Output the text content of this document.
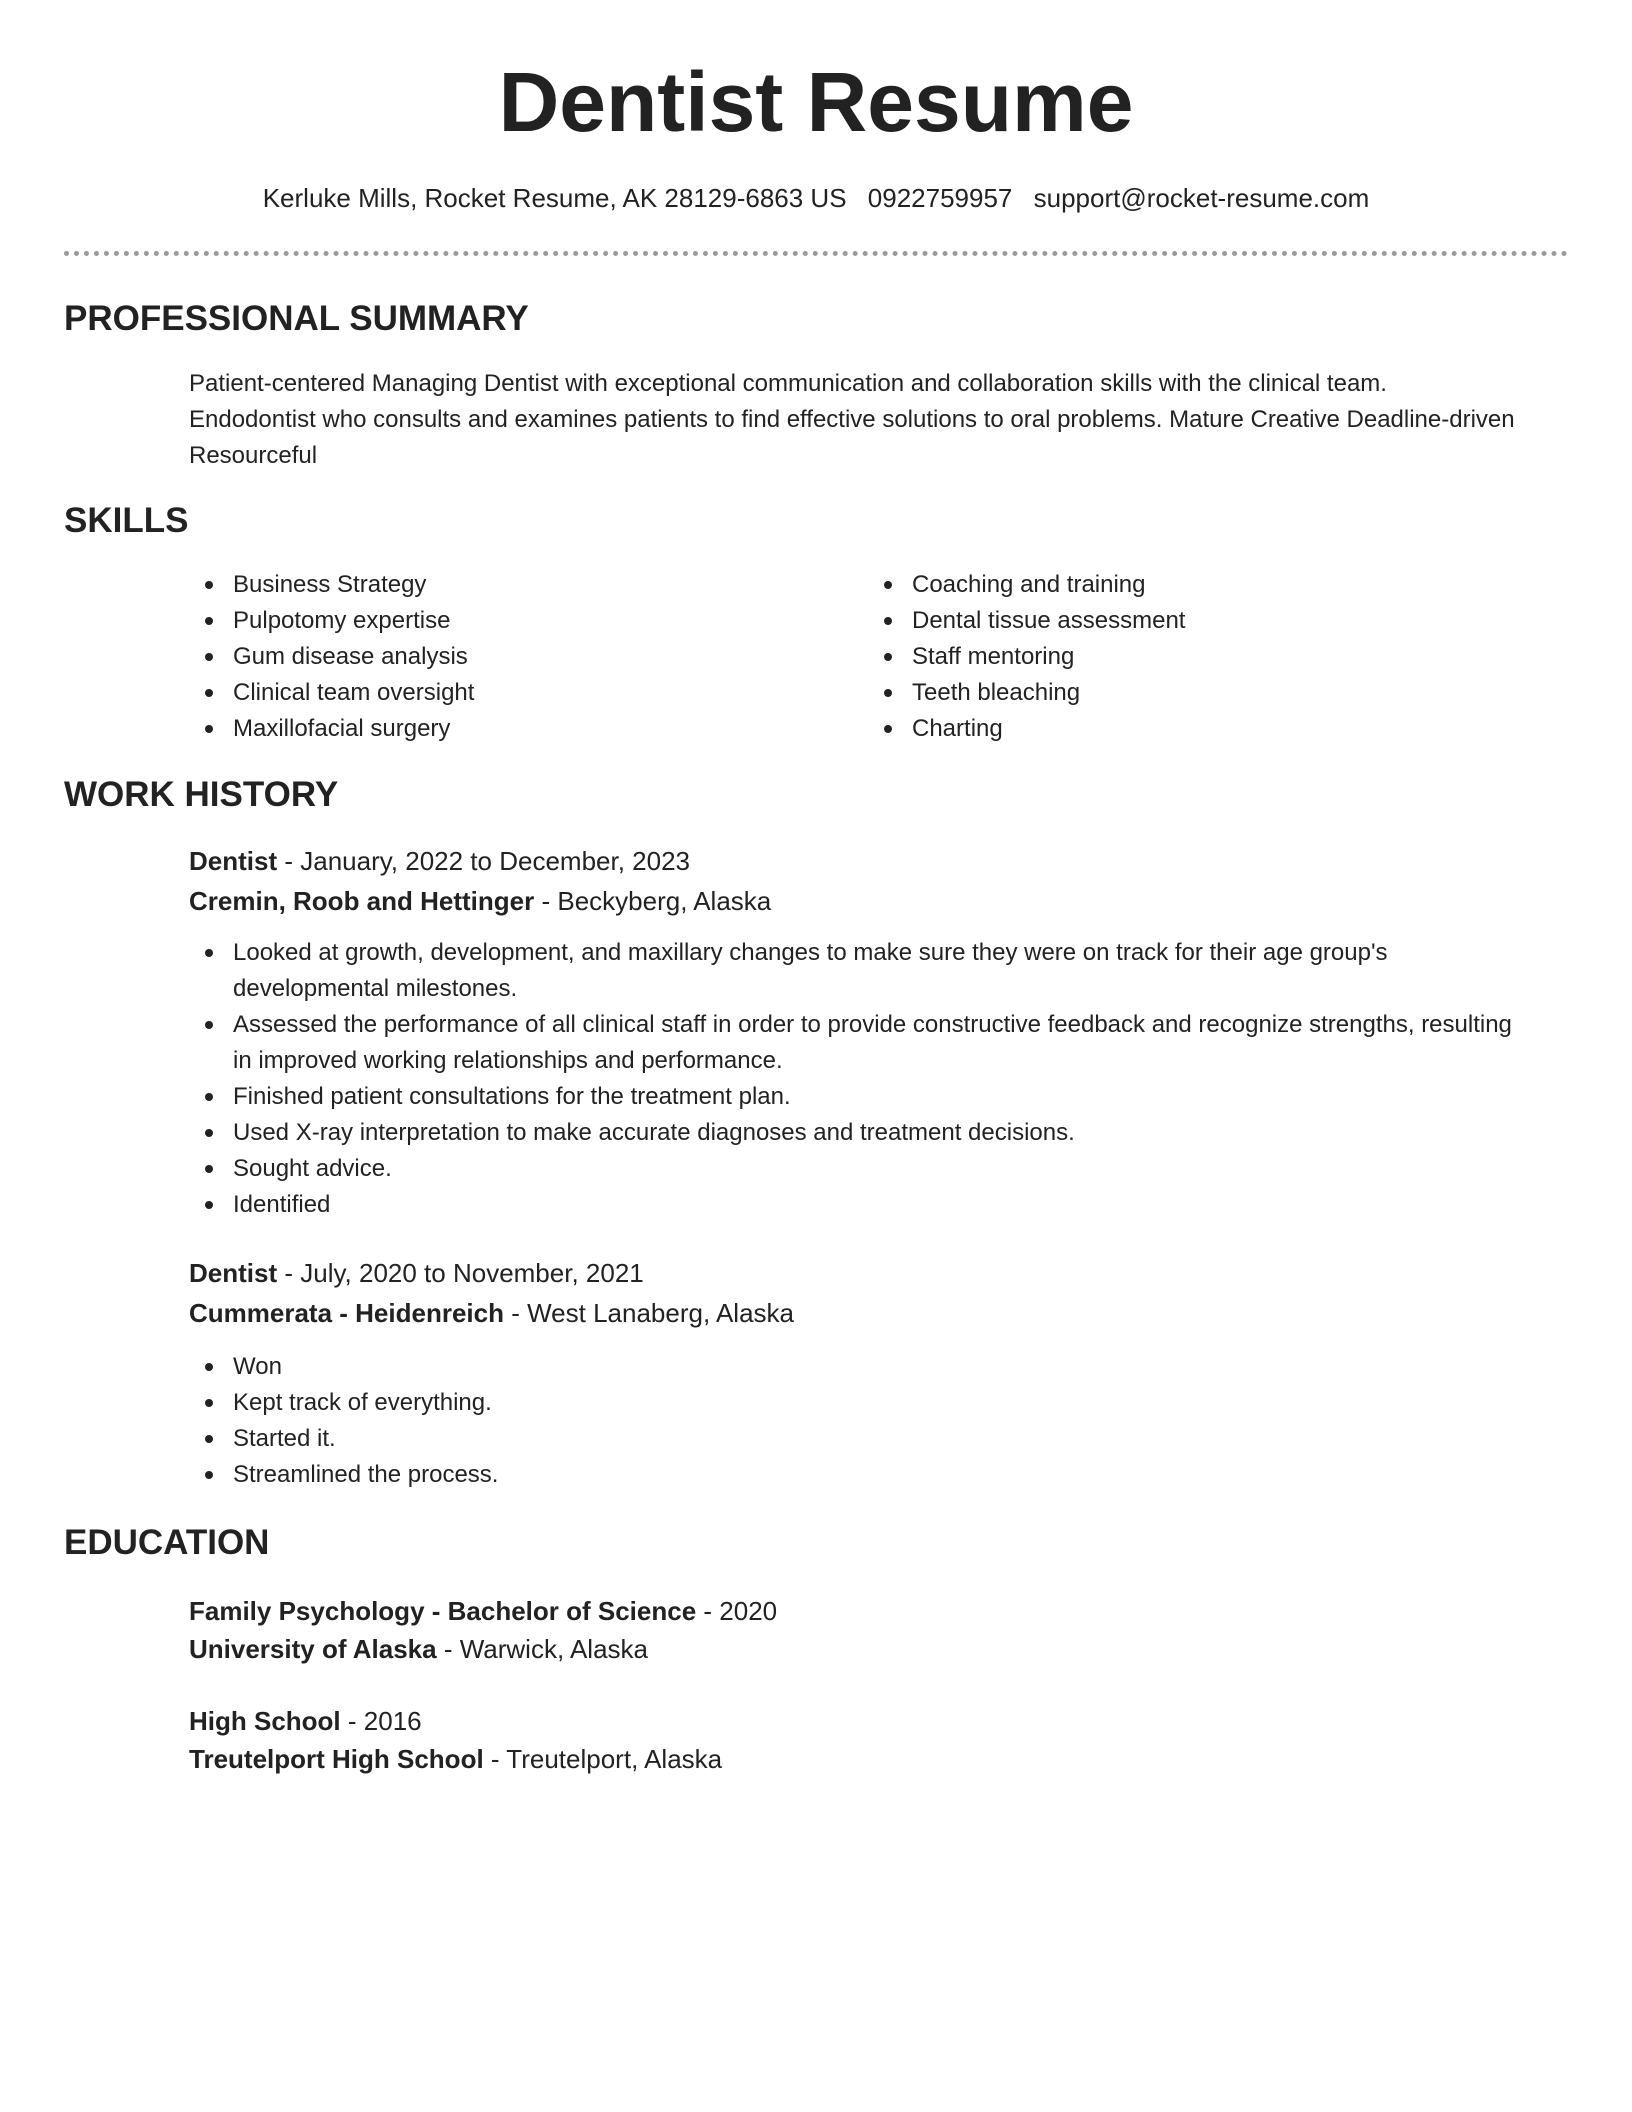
Dentist Resume
Kerluke Mills, Rocket Resume, AK 28129-6863 US 0922759957 support@rocket-resume.com
PROFESSIONAL SUMMARY

Patient-centered Managing Dentist with exceptional communication and collaboration skills with the clinical team. Endodontist who consults and examines patients to find effective solutions to oral problems. Mature Creative Deadline-driven Resourceful

SKILLS
Business Strategy
Pulpotomy expertise
Gum disease analysis
Clinical team oversight
Maxillofacial surgery
Coaching and training
Dental tissue assessment
Staff mentoring
Teeth bleaching
Charting
WORK HISTORY
Dentist - January, 2022 to December, 2023
Cremin, Roob and Hettinger - Beckyberg, Alaska
Looked at growth, development, and maxillary changes to make sure they were on track for their age group's developmental milestones.
Assessed the performance of all clinical staff in order to provide constructive feedback and recognize strengths, resulting in improved working relationships and performance.
Finished patient consultations for the treatment plan.
Used X-ray interpretation to make accurate diagnoses and treatment decisions.
Sought advice.
Identified
Dentist - July, 2020 to November, 2021
Cummerata - Heidenreich - West Lanaberg, Alaska
Won
Kept track of everything.
Started it.
Streamlined the process.
EDUCATION
Family Psychology - Bachelor of Science - 2020
University of Alaska - Warwick, Alaska
High School - 2016
Treutelport High School - Treutelport, Alaska
